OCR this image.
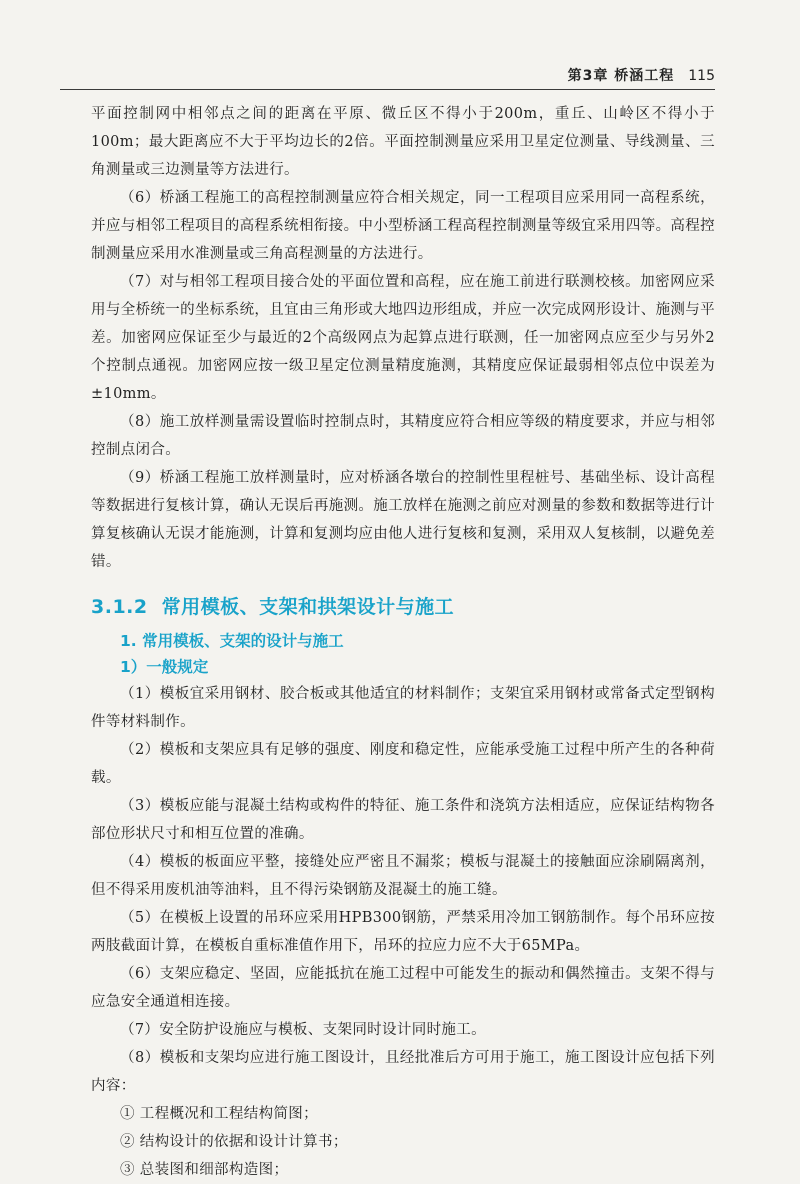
第3章 桥涵工程 115

平面控制网中相邻点之间的距离在平原、微丘区不得小于200m，重丘、山岭区不得小于100m；最大距离应不大于平均边长的2倍。平面控制测量应采用卫星定位测量、导线测量、三角测量或三边测量等方法进行。

（6）桥涵工程施工的高程控制测量应符合相关规定，同一工程项目应采用同一高程系统，并应与相邻工程项目的高程系统相衔接。中小型桥涵工程高程控制测量等级宜采用四等。高程控制测量应采用水准测量或三角高程测量的方法进行。

（7）对与相邻工程项目接合处的平面位置和高程，应在施工前进行联测校核。加密网应采用与全桥统一的坐标系统，且宜由三角形或大地四边形组成，并应一次完成网形设计、施测与平差。加密网应保证至少与最近的2个高级网点为起算点进行联测，任一加密网点应至少与另外2个控制点通视。加密网应按一级卫星定位测量精度施测，其精度应保证最弱相邻点位中误差为±10mm。

（8）施工放样测量需设置临时控制点时，其精度应符合相应等级的精度要求，并应与相邻控制点闭合。

（9）桥涵工程施工放样测量时，应对桥涵各墩台的控制性里程桩号、基础坐标、设计高程等数据进行复核计算，确认无误后再施测。施工放样在施测之前应对测量的参数和数据等进行计算复核确认无误才能施测，计算和复测均应由他人进行复核和复测，采用双人复核制，以避免差错。

3.1.2 常用模板、支架和拱架设计与施工
1. 常用模板、支架的设计与施工
1）一般规定

（1）模板宜采用钢材、胶合板或其他适宜的材料制作；支架宜采用钢材或常备式定型钢构件等材料制作。

（2）模板和支架应具有足够的强度、刚度和稳定性，应能承受施工过程中所产生的各种荷载。

（3）模板应能与混凝土结构或构件的特征、施工条件和浇筑方法相适应，应保证结构物各部位形状尺寸和相互位置的准确。

（4）模板的板面应平整，接缝处应严密且不漏浆；模板与混凝土的接触面应涂刷隔离剂，但不得采用废机油等油料，且不得污染钢筋及混凝土的施工缝。

（5）在模板上设置的吊环应采用HPB300钢筋，严禁采用冷加工钢筋制作。每个吊环应按两肢截面计算，在模板自重标准值作用下，吊环的拉应力应不大于65MPa。

（6）支架应稳定、坚固，应能抵抗在施工过程中可能发生的振动和偶然撞击。支架不得与应急安全通道相连接。

（7）安全防护设施应与模板、支架同时设计同时施工。

（8）模板和支架均应进行施工图设计，且经批准后方可用于施工，施工图设计应包括下列内容：

① 工程概况和工程结构简图；

② 结构设计的依据和设计计算书；

③ 总装图和细部构造图；
